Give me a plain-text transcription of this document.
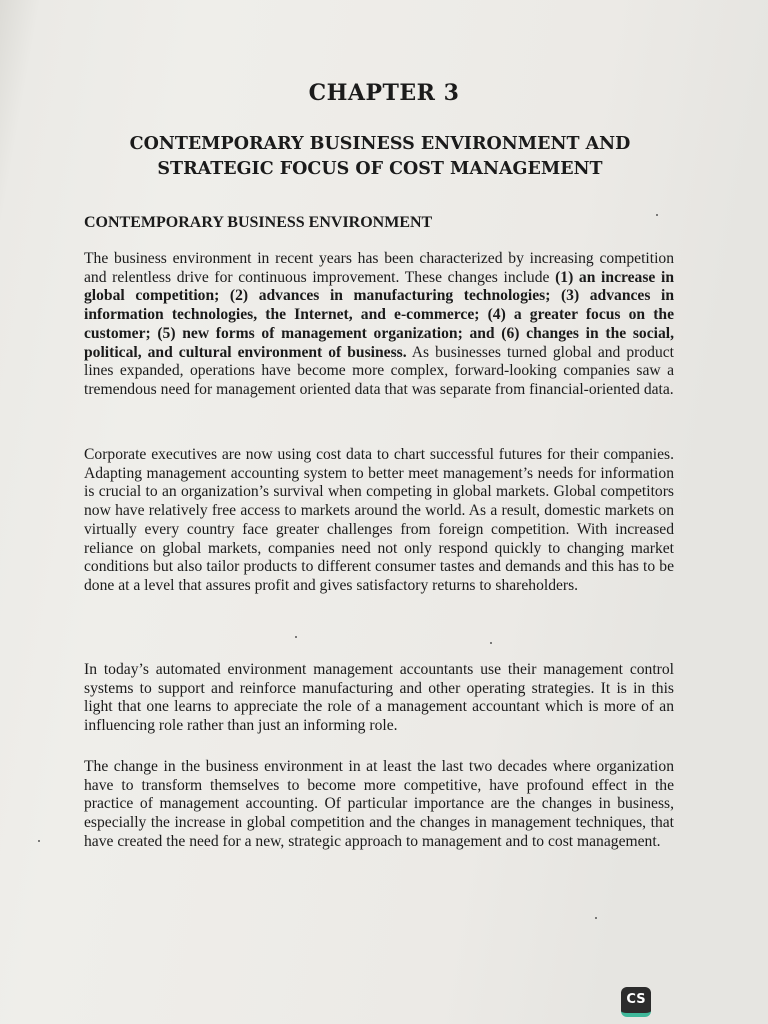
CHAPTER 3
CONTEMPORARY BUSINESS ENVIRONMENT AND
STRATEGIC FOCUS OF COST MANAGEMENT
CONTEMPORARY BUSINESS ENVIRONMENT

The business environment in recent years has been characterized by increasing competition and relentless drive for continuous improvement. These changes include (1) an increase in global competition; (2) advances in manufacturing technologies; (3) advances in information technologies, the Internet, and e-commerce; (4) a greater focus on the customer; (5) new forms of management organization; and (6) changes in the social, political, and cultural environment of business. As businesses turned global and product lines expanded, operations have become more complex, forward-looking companies saw a tremendous need for management oriented data that was separate from financial-oriented data.

Corporate executives are now using cost data to chart successful futures for their companies. Adapting management accounting system to better meet management’s needs for information is crucial to an organization’s survival when competing in global markets. Global competitors now have relatively free access to markets around the world. As a result, domestic markets on virtually every country face greater challenges from foreign competition. With increased reliance on global markets, companies need not only respond quickly to changing market conditions but also tailor products to different consumer tastes and demands and this has to be done at a level that assures profit and gives satisfactory returns to shareholders.

In today’s automated environment management accountants use their management control systems to support and reinforce manufacturing and other operating strategies. It is in this light that one learns to appreciate the role of a management accountant which is more of an influencing role rather than just an informing role.

The change in the business environment in at least the last two decades where organization have to transform themselves to become more competitive, have profound effect in the practice of management accounting. Of particular importance are the changes in business, especially the increase in global competition and the changes in management techniques, that have created the need for a new, strategic approach to management and to cost management.

CS
